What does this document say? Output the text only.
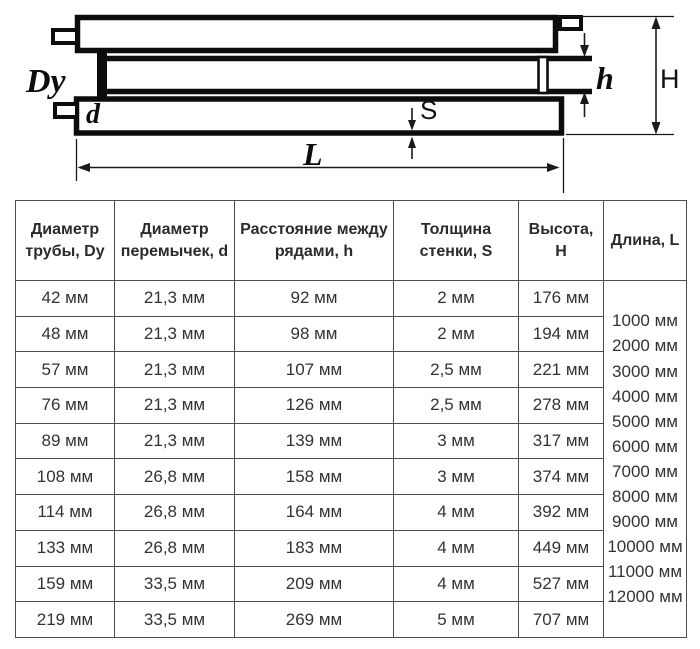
Dy
d	S
L
h H
Диаметр трубы, Dy	Диаметр перемычек, d	Расстояние между рядами, h	Толщина стенки, S	Высота, H	Длина, L
42 мм	21,3 мм	92 мм	2 мм	176 мм	
1000 мм
2000 мм
3000 мм
4000 мм
5000 мм
6000 мм
7000 мм
8000 мм
9000 мм
10000 мм
11000 мм
12000 мм

48 мм	21,3 мм	98 мм	2 мм	194 мм	
57 мм	21,3 мм	107 мм	2,5 мм	221 мм	
76 мм	21,3 мм	126 мм	2,5 мм	278 мм	
89 мм	21,3 мм	139 мм	3 мм	317 мм	
108 мм	26,8 мм	158 мм	3 мм	374 мм	
114 мм	26,8 мм	164 мм	4 мм	392 мм	
133 мм	26,8 мм	183 мм	4 мм	449 мм	
159 мм	33,5 мм	209 мм	4 мм	527 мм	
219 мм	33,5 мм	269 мм	5 мм	707 мм	
